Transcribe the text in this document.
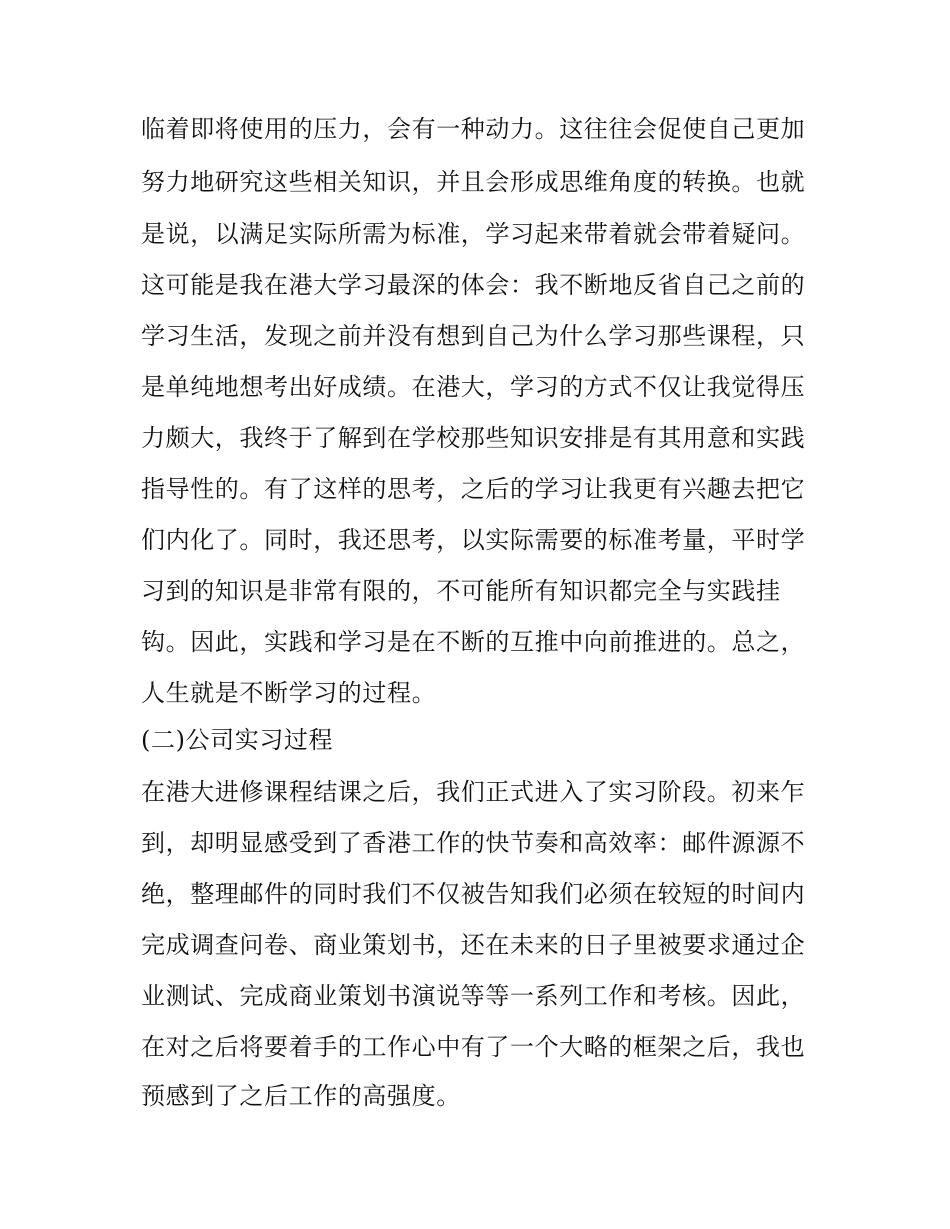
临着即将使用的压力，会有一种动力。这往往会促使自己更加
努力地研究这些相关知识，并且会形成思维角度的转换。也就
是说，以满足实际所需为标准，学习起来带着就会带着疑问。
这可能是我在港大学习最深的体会：我不断地反省自己之前的
学习生活，发现之前并没有想到自己为什么学习那些课程，只
是单纯地想考出好成绩。在港大，学习的方式不仅让我觉得压
力颇大，我终于了解到在学校那些知识安排是有其用意和实践
指导性的。有了这样的思考，之后的学习让我更有兴趣去把它
们内化了。同时，我还思考，以实际需要的标准考量，平时学
习到的知识是非常有限的，不可能所有知识都完全与实践挂
钩。因此，实践和学习是在不断的互推中向前推进的。总之，
人生就是不断学习的过程。
(二)公司实习过程
在港大进修课程结课之后，我们正式进入了实习阶段。初来乍
到，却明显感受到了香港工作的快节奏和高效率：邮件源源不
绝，整理邮件的同时我们不仅被告知我们必须在较短的时间内
完成调查问卷、商业策划书，还在未来的日子里被要求通过企
业测试、完成商业策划书演说等等一系列工作和考核。因此，
在对之后将要着手的工作心中有了一个大略的框架之后，我也
预感到了之后工作的高强度。
